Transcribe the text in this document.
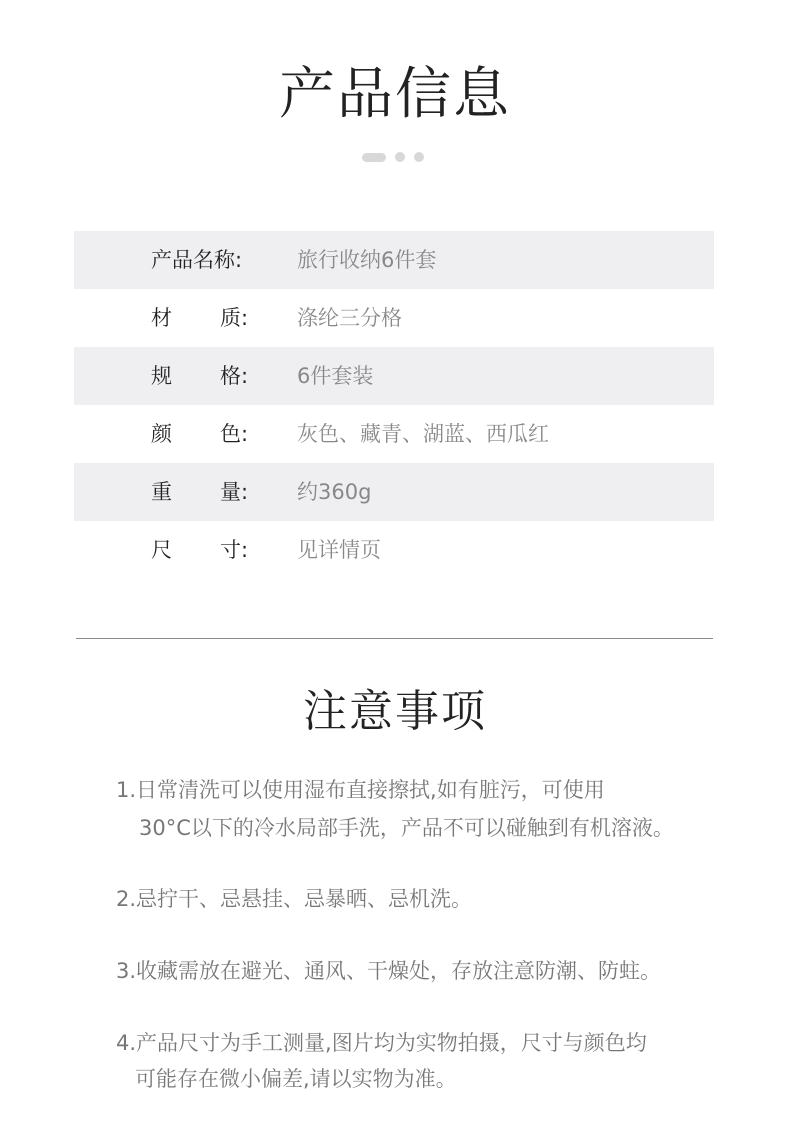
产品信息
产品名称:	旅行收纳6件套
材 质: 涤纶三分格
规 格: 6件套装
颜 色: 灰色、藏青、湖蓝、西瓜红
重 量: 约360g
尺 寸: 见详情页
注意事项
1.日常清洗可以使用湿布直接擦拭,如有脏污，可使用
30°C以下的冷水局部手洗，产品不可以碰触到有机溶液。
2.忌拧干、忌悬挂、忌暴晒、忌机洗。
3.收藏需放在避光、通风、干燥处，存放注意防潮、防蛀。
4.产品尺寸为手工测量,图片均为实物拍摄，尺寸与颜色均
可能存在微小偏差,请以实物为准。
